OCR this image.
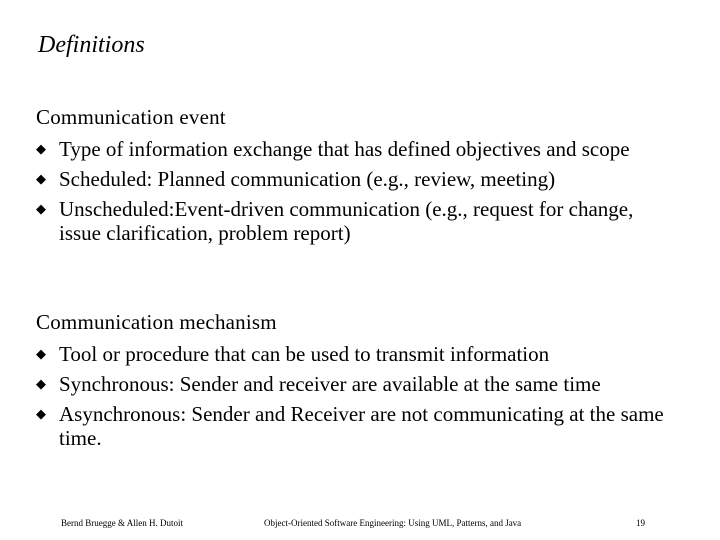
Definitions
Communication event
◆ Type of information exchange that has defined objectives and scope
◆ Scheduled: Planned communication (e.g., review, meeting)
◆ Unscheduled:Event-driven communication (e.g., request for change, issue clarification, problem report)
Communication mechanism
◆ Tool or procedure that can be used to transmit information
◆ Synchronous: Sender and receiver are available at the same time
◆ Asynchronous: Sender and Receiver are not communicating at the same time.
Bernd Bruegge & Allen H. Dutoit	Object-Oriented Software Engineering: Using UML, Patterns, and Java	19
